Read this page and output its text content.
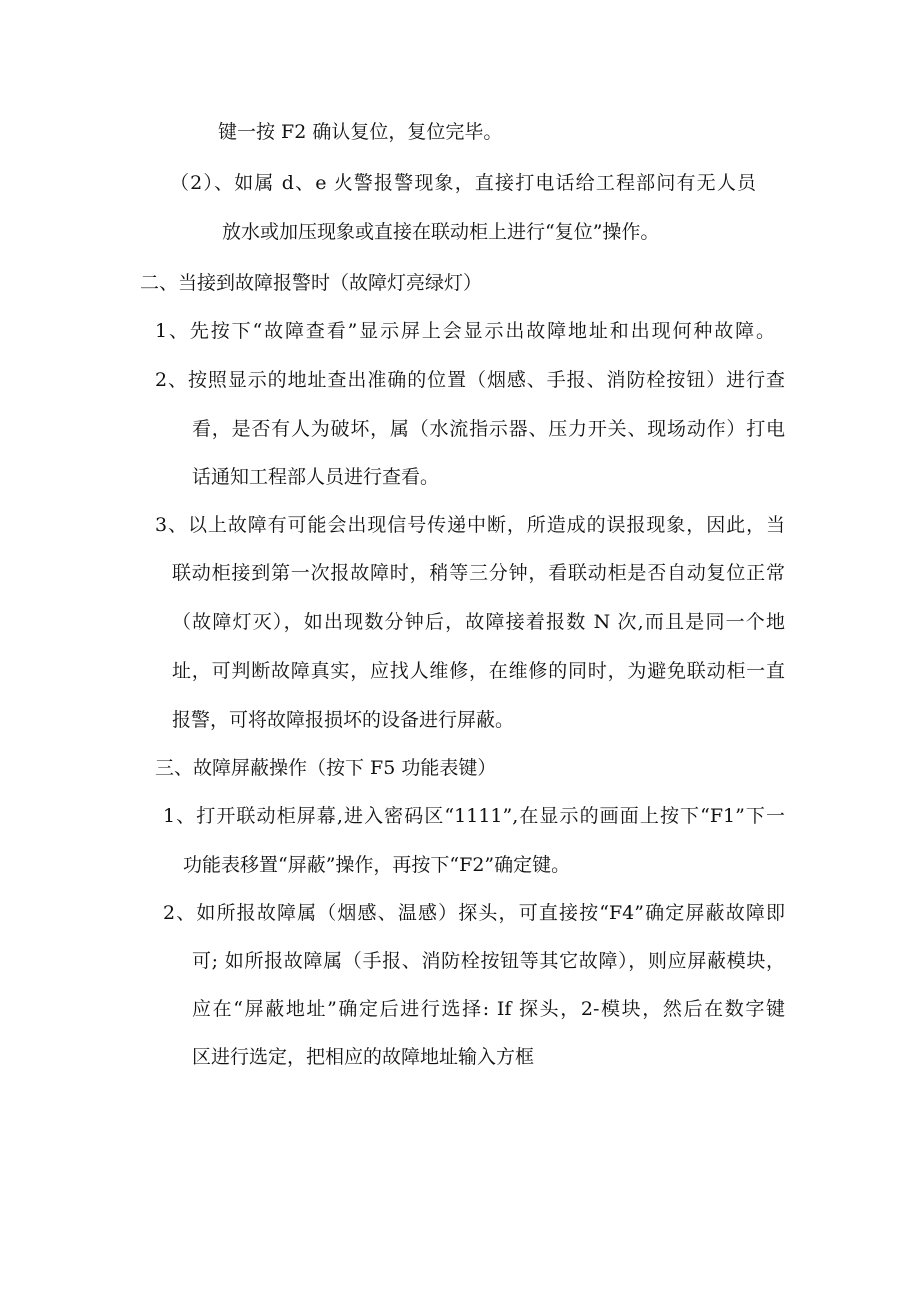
键一按 F2 确认复位，复位完毕。

（2）、如属 d、e 火警报警现象，直接打电话给工程部问有无人员

放水或加压现象或直接在联动柜上进行“复位”操作。

二、当接到故障报警时（故障灯亮绿灯）

1、先按下“故障查看”显示屏上会显示出故障地址和出现何种故障。

2、按照显示的地址查出准确的位置（烟感、手报、消防栓按钮）进行查

看，是否有人为破坏，属（水流指示器、压力开关、现场动作）打电

话通知工程部人员进行查看。

3、以上故障有可能会出现信号传递中断，所造成的误报现象，因此，当

联动柜接到第一次报故障时，稍等三分钟，看联动柜是否自动复位正常

（故障灯灭），如出现数分钟后，故障接着报数 N 次,而且是同一个地

址，可判断故障真实，应找人维修，在维修的同时，为避免联动柜一直

报警，可将故障报损坏的设备进行屏蔽。

三、故障屏蔽操作（按下 F5 功能表键）

1、打开联动柜屏幕,进入密码区“1111”,在显示的画面上按下“F1”下一

功能表移置“屏蔽”操作，再按下“F2”确定键。

2、如所报故障属（烟感、温感）探头，可直接按“F4”确定屏蔽故障即

可; 如所报故障属（手报、消防栓按钮等其它故障），则应屏蔽模块，

应在“屏蔽地址”确定后进行选择: If 探头，2-模块，然后在数字键

区进行选定，把相应的故障地址输入方框
